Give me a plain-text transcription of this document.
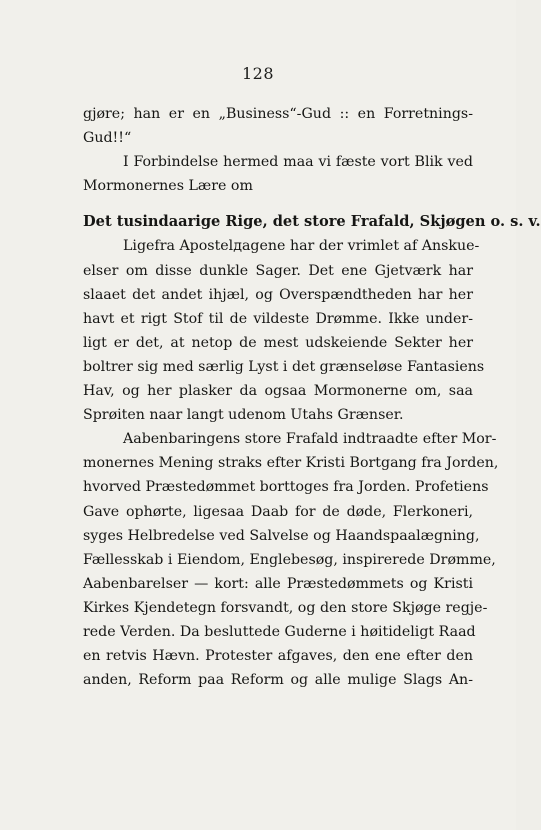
128
gjøre; han er en „Business“-Gud :: en Forretnings-
Gud!!“
I Forbindelse hermed maa vi fæste vort Blik ved
Mormonernes Lære om
Det tusindaarige Rige, det store Frafald, Skjøgen o. s. v.
Ligefra Apostelдagene har der vrimlet af Anskue-
elser om disse dunkle Sager. Det ene Gjetværk har
slaaet det andet ihjæl, og Overspændtheden har her
havt et rigt Stof til de vildeste Drømme. Ikke under-
ligt er det, at netop de mest udskeiende Sekter her
boltrer sig med særlig Lyst i det grænseløse Fantasiens
Hav, og her plasker da ogsaa Mormonerne om, saa
Sprøiten naar langt udenom Utahs Grænser.
Aabenbaringens store Frafald indtraadte efter Mor-
monernes Mening straks efter Kristi Bortgang fra Jorden,
hvorved Præstedømmet borttoges fra Jorden. Profetiens
Gave ophørte, ligesaa Daab for de døde, Flerkoneri,
syges Helbredelse ved Salvelse og Haandspaalægning,
Fællesskab i Eiendom, Englebesøg, inspirerede Drømme,
Aabenbarelser — kort: alle Præstedømmets og Kristi
Kirkes Kjendetegn forsvandt, og den store Skjøge regje-
rede Verden. Da besluttede Guderne i høitideligt Raad
en retvis Hævn. Protester afgaves, den ene efter den
anden, Reform paa Reform og alle mulige Slags An-
